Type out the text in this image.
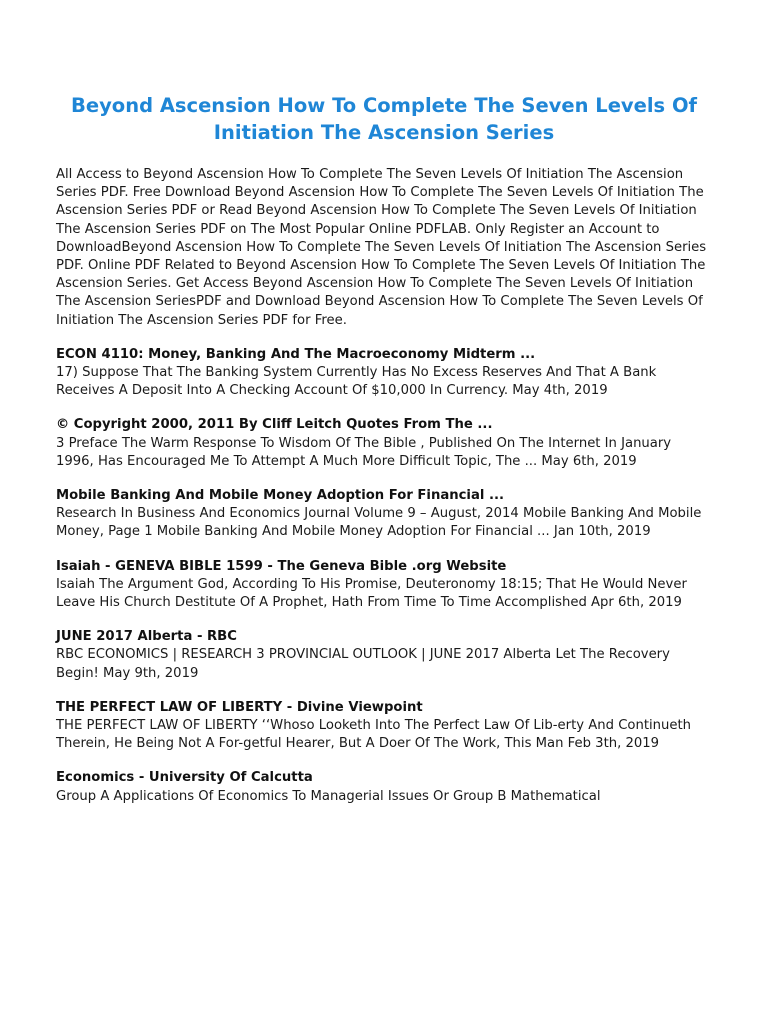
Beyond Ascension How To Complete The Seven Levels Of Initiation The Ascension Series

All Access to Beyond Ascension How To Complete The Seven Levels Of Initiation The Ascension Series PDF. Free Download Beyond Ascension How To Complete The Seven Levels Of Initiation The Ascension Series PDF or Read Beyond Ascension How To Complete The Seven Levels Of Initiation The Ascension Series PDF on The Most Popular Online PDFLAB. Only Register an Account to DownloadBeyond Ascension How To Complete The Seven Levels Of Initiation The Ascension Series PDF. Online PDF Related to Beyond Ascension How To Complete The Seven Levels Of Initiation The Ascension Series. Get Access Beyond Ascension How To Complete The Seven Levels Of Initiation The Ascension SeriesPDF and Download Beyond Ascension How To Complete The Seven Levels Of Initiation The Ascension Series PDF for Free.

ECON 4110: Money, Banking And The Macroeconomy Midterm ...

17) Suppose That The Banking System Currently Has No Excess Reserves And That A Bank Receives A Deposit Into A Checking Account Of $10,000 In Currency. May 4th, 2019

© Copyright 2000, 2011 By Cliff Leitch Quotes From The ...

3 Preface The Warm Response To Wisdom Of The Bible , Published On The Internet In January 1996, Has Encouraged Me To Attempt A Much More Difficult Topic, The ... May 6th, 2019

Mobile Banking And Mobile Money Adoption For Financial ...

Research In Business And Economics Journal Volume 9 – August, 2014 Mobile Banking And Mobile Money, Page 1 Mobile Banking And Mobile Money Adoption For Financial ... Jan 10th, 2019

Isaiah - GENEVA BIBLE 1599 - The Geneva Bible .org Website

Isaiah The Argument God, According To His Promise, Deuteronomy 18:15; That He Would Never Leave His Church Destitute Of A Prophet, Hath From Time To Time Accomplished Apr 6th, 2019

JUNE 2017 Alberta - RBC

RBC ECONOMICS | RESEARCH 3 PROVINCIAL OUTLOOK | JUNE 2017 Alberta Let The Recovery Begin! May 9th, 2019

THE PERFECT LAW OF LIBERTY - Divine Viewpoint

THE PERFECT LAW OF LIBERTY ‘‘Whoso Looketh Into The Perfect Law Of Lib-erty And Continueth Therein, He Being Not A For-getful Hearer, But A Doer Of The Work, This Man Feb 3th, 2019

Economics - University Of Calcutta

Group A Applications Of Economics To Managerial Issues Or Group B Mathematical
